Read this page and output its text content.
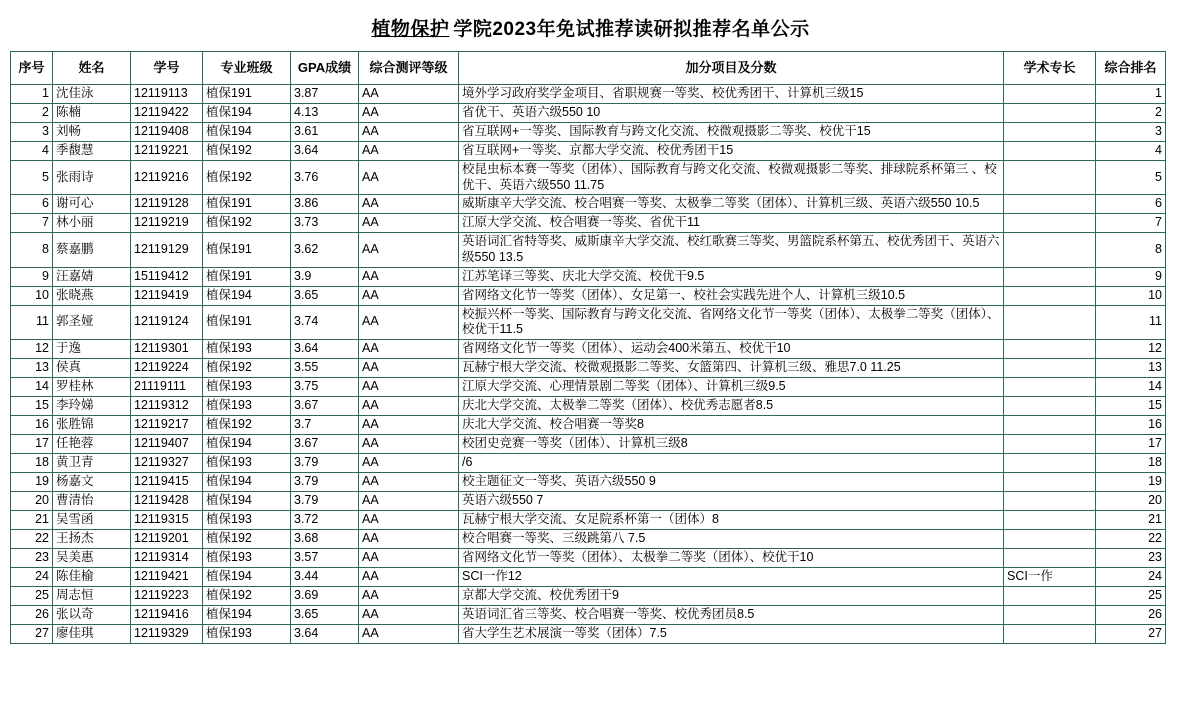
植物保护 学院2023年免试推荐读研拟推荐名单公示
序号	姓名	学号	专业班级	GPA成绩	综合测评等级	加分项目及分数	学术专长	综合排名
1	沈佳泳	12119113	植保191	3.87	AA	境外学习政府奖学金项目、省职规赛一等奖、校优秀团干、计算机三级15		1
2	陈楠	12119422	植保194	4.13	AA	省优干、英语六级550 10		2
3	刘畅	12119408	植保194	3.61	AA	省互联网+一等奖、国际教育与跨文化交流、校微观摄影二等奖、校优干15		3
4	季馥慧	12119221	植保192	3.64	AA	省互联网+一等奖、京都大学交流、校优秀团干15		4
5	张雨诗	12119216	植保192	3.76	AA	校昆虫标本赛一等奖（团体）、国际教育与跨文化交流、校微观摄影二等奖、排球院系杯第三 、校优干、英语六级550 11.75		5
6	谢可心	12119128	植保191	3.86	AA	威斯康辛大学交流、校合唱赛一等奖、太极拳二等奖（团体）、计算机三级、英语六级550 10.5		6
7	林小丽	12119219	植保192	3.73	AA	江原大学交流、校合唱赛一等奖、省优干11		7
8	蔡嘉鹏	12119129	植保191	3.62	AA	英语词汇省特等奖、威斯康辛大学交流、校红歌赛三等奖、男篮院系杯第五、校优秀团干、英语六级550 13.5		8
9	汪嘉婧	15119412	植保191	3.9	AA	江苏笔译三等奖、庆北大学交流、校优干9.5		9
10	张晓燕	12119419	植保194	3.65	AA	省网络文化节一等奖（团体）、女足第一、校社会实践先进个人、计算机三级10.5		10
11	郭圣娅	12119124	植保191	3.74	AA	校振兴杯一等奖、国际教育与跨文化交流、省网络文化节一等奖（团体）、太极拳二等奖（团体）、校优干11.5		11
12	于逸	12119301	植保193	3.64	AA	省网络文化节一等奖（团体）、运动会400米第五、校优干10		12
13	侯真	12119224	植保192	3.55	AA	瓦赫宁根大学交流、校微观摄影二等奖、女篮第四、计算机三级、雅思7.0 11.25		13
14	罗桂林	21119111	植保193	3.75	AA	江原大学交流、心理情景剧二等奖（团体）、计算机三级9.5		14
15	李玲娣	12119312	植保193	3.67	AA	庆北大学交流、太极拳二等奖（团体）、校优秀志愿者8.5		15
16	张胜锦	12119217	植保192	3.7	AA	庆北大学交流、校合唱赛一等奖8		16
17	任艳蓉	12119407	植保194	3.67	AA	校团史竞赛一等奖（团体）、计算机三级8		17
18	黄卫青	12119327	植保193	3.79	AA	/6		18
19	杨嘉文	12119415	植保194	3.79	AA	校主题征文一等奖、英语六级550 9		19
20	曹清怡	12119428	植保194	3.79	AA	英语六级550 7		20
21	吴雪函	12119315	植保193	3.72	AA	瓦赫宁根大学交流、女足院系杯第一（团体）8		21
22	王扬杰	12119201	植保192	3.68	AA	校合唱赛一等奖、三级跳第八 7.5		22
23	吴美惠	12119314	植保193	3.57	AA	省网络文化节一等奖（团体）、太极拳二等奖（团体）、校优干10		23
24	陈佳榆	12119421	植保194	3.44	AA	SCI一作12	SCI一作	24
25	周志恒	12119223	植保192	3.69	AA	京都大学交流、校优秀团干9		25
26	张以奇	12119416	植保194	3.65	AA	英语词汇省三等奖、校合唱赛一等奖、校优秀团员8.5		26
27	廖佳琪	12119329	植保193	3.64	AA	省大学生艺术展演一等奖（团体）7.5		27
